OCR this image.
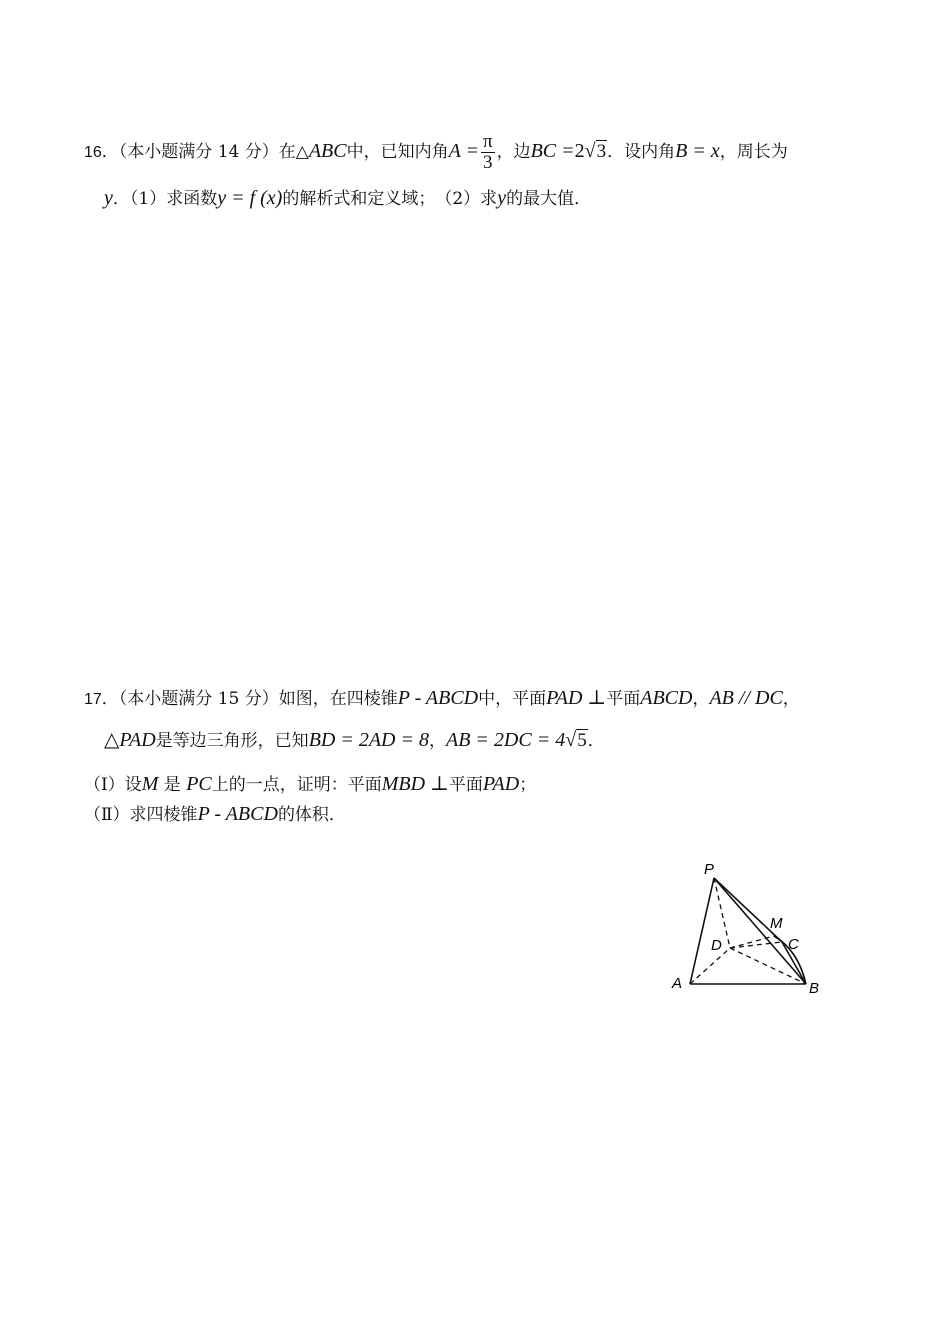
16．（本小题满分 14 分）在△ABC中，已知内角$A = \frac{\pi}{3}$ ，边BC =2√3．设内角B = x，周长为
y．（1）求函数y = f (x)的解析式和定义域；　（2）求y的最大值．
17．（本小题满分 15 分）如图，在四棱锥P - ABCD中，平面PAD ⊥平面ABCD，AB // DC，
△PAD是等边三角形，已知BD = 2AD = 8，AB = 2DC = 4√5．
（Ⅰ）设M 是 PC上的一点，证明：平面MBD ⊥平面PAD；
（Ⅱ）求四棱锥P - ABCD的体积．
P
M
D	C
A	B
